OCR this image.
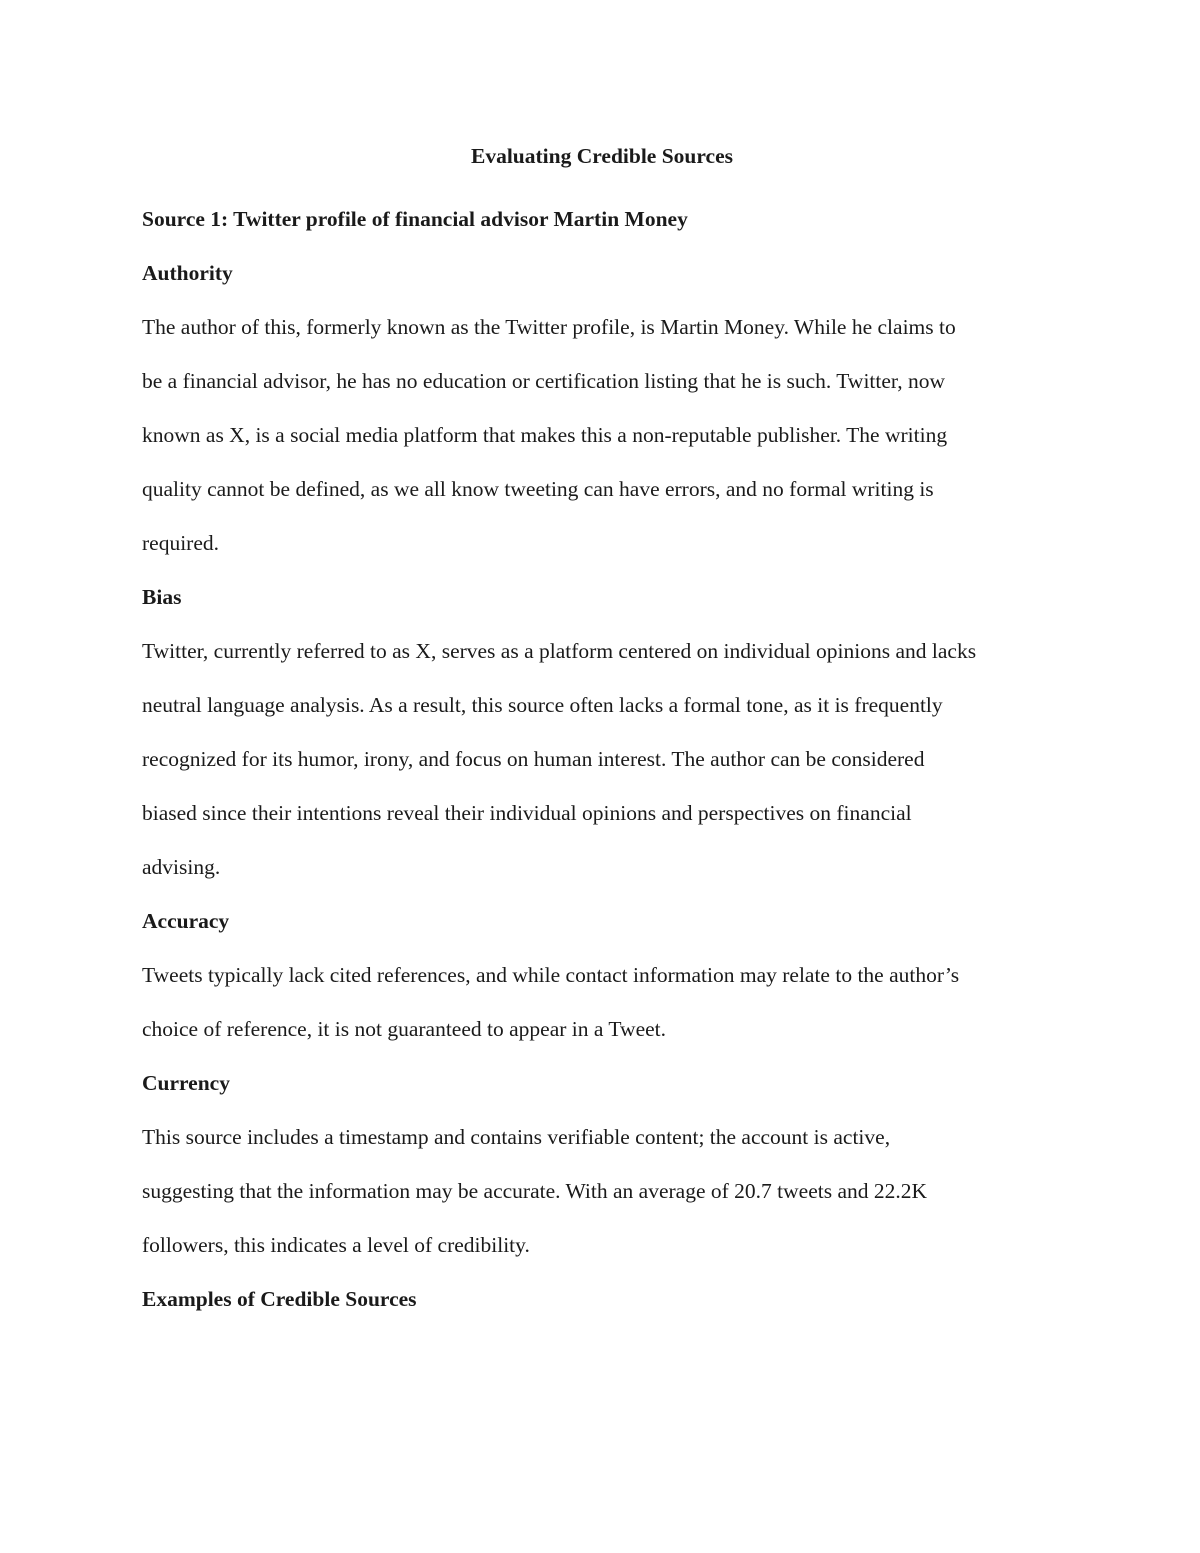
Evaluating Credible Sources

Source 1: Twitter profile of financial advisor Martin Money

Authority

The author of this, formerly known as the Twitter profile, is Martin Money. While he claims to

be a financial advisor, he has no education or certification listing that he is such. Twitter, now

known as X, is a social media platform that makes this a non-reputable publisher. The writing

quality cannot be defined, as we all know tweeting can have errors, and no formal writing is

required.

Bias

Twitter, currently referred to as X, serves as a platform centered on individual opinions and lacks

neutral language analysis. As a result, this source often lacks a formal tone, as it is frequently

recognized for its humor, irony, and focus on human interest. The author can be considered

biased since their intentions reveal their individual opinions and perspectives on financial

advising.

Accuracy

Tweets typically lack cited references, and while contact information may relate to the author’s

choice of reference, it is not guaranteed to appear in a Tweet.

Currency

This source includes a timestamp and contains verifiable content; the account is active,

suggesting that the information may be accurate. With an average of 20.7 tweets and 22.2K

followers, this indicates a level of credibility.

Examples of Credible Sources
